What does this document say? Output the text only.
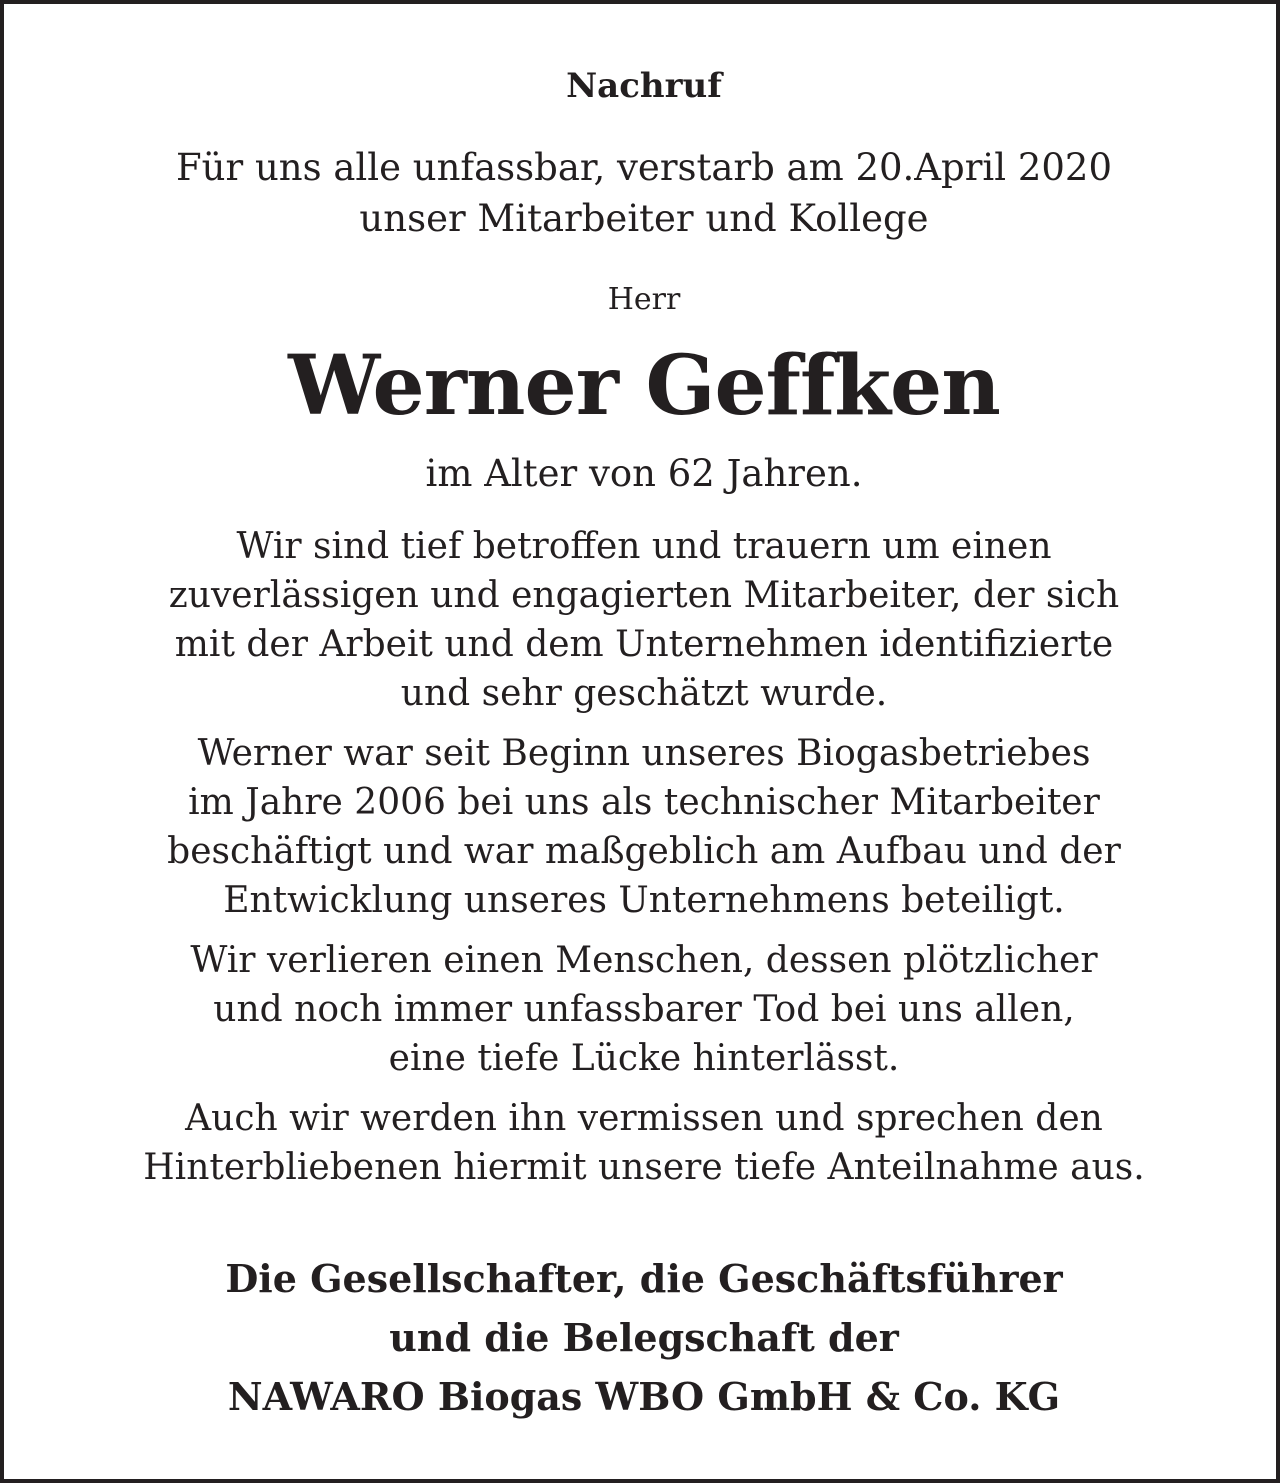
Nachruf
Für uns alle unfassbar, verstarb am 20.April 2020
unser Mitarbeiter und Kollege
Herr
Werner Geffken
im Alter von 62 Jahren.
Wir sind tief betroffen und trauern um einen
zuverlässigen und engagierten Mitarbeiter, der sich
mit der Arbeit und dem Unternehmen identifizierte
und sehr geschätzt wurde.
Werner war seit Beginn unseres Biogasbetriebes
im Jahre 2006 bei uns als technischer Mitarbeiter
beschäftigt und war maßgeblich am Aufbau und der
Entwicklung unseres Unternehmens beteiligt.
Wir verlieren einen Menschen, dessen plötzlicher
und noch immer unfassbarer Tod bei uns allen,
eine tiefe Lücke hinterlässt.
Auch wir werden ihn vermissen und sprechen den
Hinterbliebenen hiermit unsere tiefe Anteilnahme aus.
Die Gesellschafter, die Geschäftsführer
und die Belegschaft der
NAWARO Biogas WBO GmbH & Co. KG
